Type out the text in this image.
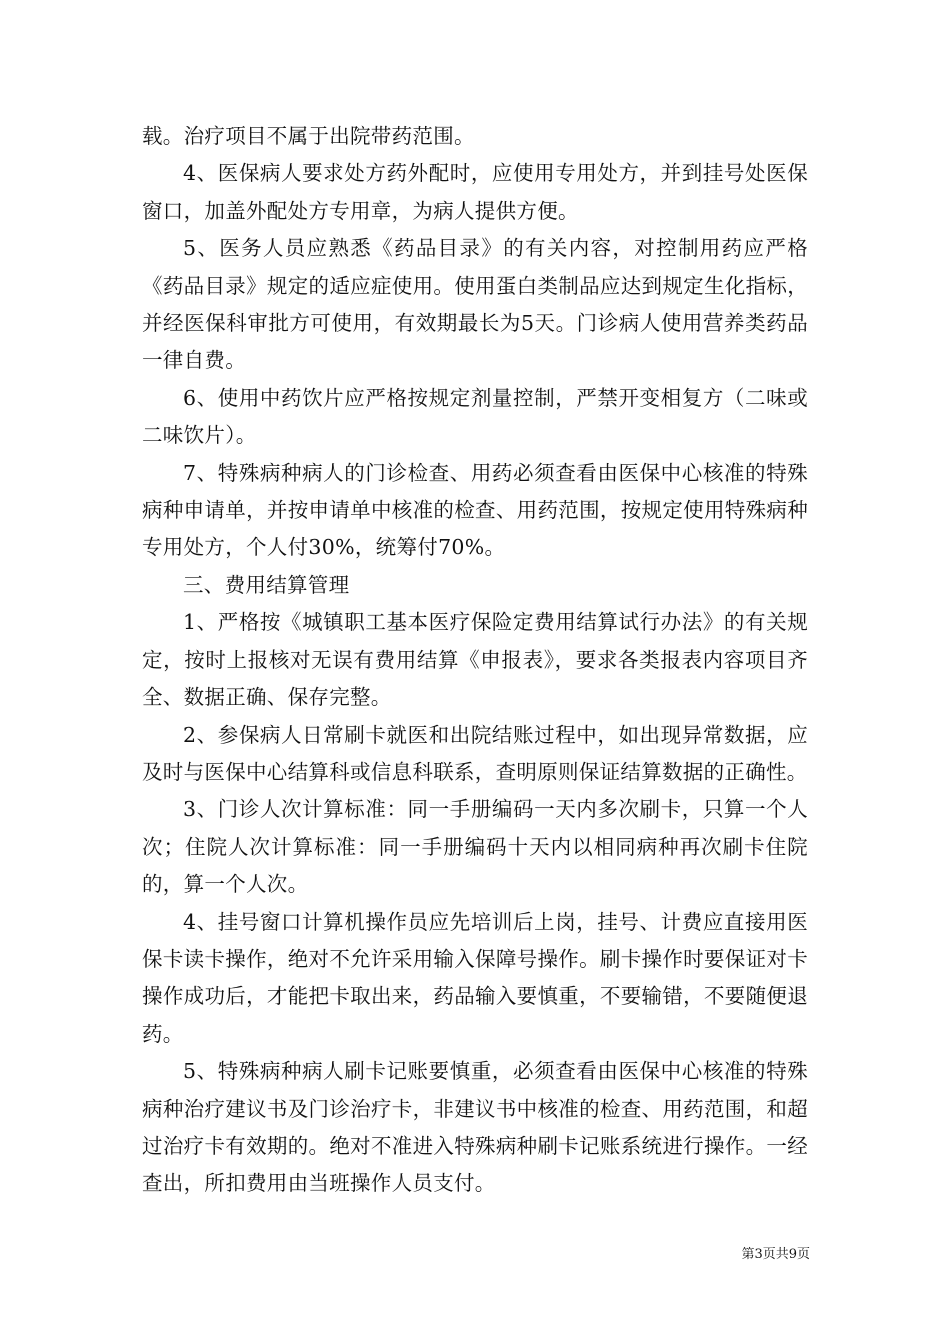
载。治疗项目不属于出院带药范围。

4、医保病人要求处方药外配时，应使用专用处方，并到挂号处医保窗口，加盖外配处方专用章，为病人提供方便。

5、医务人员应熟悉《药品目录》的有关内容，对控制用药应严格《药品目录》规定的适应症使用。使用蛋白类制品应达到规定生化指标，并经医保科审批方可使用，有效期最长为5天。门诊病人使用营养类药品一律自费。

6、使用中药饮片应严格按规定剂量控制，严禁开变相复方（二味或二味饮片）。

7、特殊病种病人的门诊检查、用药必须查看由医保中心核准的特殊病种申请单，并按申请单中核准的检查、用药范围，按规定使用特殊病种专用处方，个人付30%，统筹付70%。

三、费用结算管理

1、严格按《城镇职工基本医疗保险定费用结算试行办法》的有关规定，按时上报核对无误有费用结算《申报表》，要求各类报表内容项目齐全、数据正确、保存完整。

2、参保病人日常刷卡就医和出院结账过程中，如出现异常数据，应及时与医保中心结算科或信息科联系，查明原则保证结算数据的正确性。

3、门诊人次计算标准：同一手册编码一天内多次刷卡，只算一个人次；住院人次计算标准：同一手册编码十天内以相同病种再次刷卡住院的，算一个人次。

4、挂号窗口计算机操作员应先培训后上岗，挂号、计费应直接用医保卡读卡操作，绝对不允许采用输入保障号操作。刷卡操作时要保证对卡操作成功后，才能把卡取出来，药品输入要慎重，不要输错，不要随便退药。

5、特殊病种病人刷卡记账要慎重，必须查看由医保中心核准的特殊病种治疗建议书及门诊治疗卡，非建议书中核准的检查、用药范围，和超过治疗卡有效期的。绝对不准进入特殊病种刷卡记账系统进行操作。一经查出，所扣费用由当班操作人员支付。

第3页共9页
